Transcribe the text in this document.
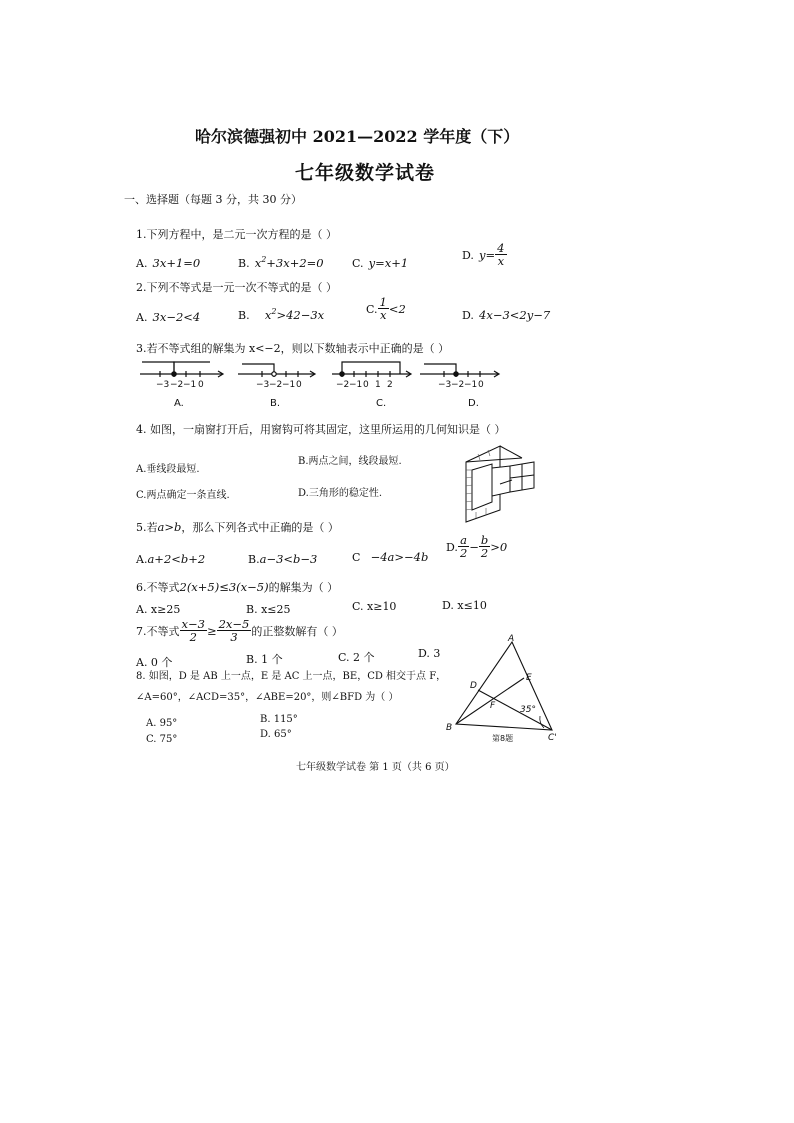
哈尔滨德强初中 2021—2022 学年度（下）
七年级数学试卷
一、选择题（每题 3 分，共 30 分）
1.下列方程中，是二元一次方程的是（ ）
A. 3x+1=0	B. $x^2+3x+2=0$	C. y=x+1
D. $y= \frac{4}{x}$
2.下列不等式是一元一次不等式的是（ ）
A. 3x−2<4	B. $x^2>42-3x$	C. $\frac{1}{x} <2$	D. 4x−3<2y−7
3.若不等式组的解集为 x<−2，则以下数轴表示中正确的是（ ）
−3 −2 −1 0	−3 −2 −1 0	−2 −1 0 1 2	−3 −2 −1 0
A.	B.	C.	D.
4. 如图，一扇窗打开后，用窗钩可将其固定，这里所运用的几何知识是（ ）
A.垂线段最短.
B.两点之间，线段最短.
C.两点确定一条直线.	D.三角形的稳定性.
5.若a>b，那么下列各式中正确的是（ ）
A.a+2<b+2	B.a−3<b−3	C −4a>−4b
D. $\frac{a}{2} - \frac{b}{2} >0$
6.不等式2(x+5)≤3(x−5)的解集为（ ）
A. x≥25	B. x≤25	C. x≥10	D. x≤10
7.不等式 $\frac{x-3}{2} \ge \frac{2x-5}{3}$ 的正整数解有（ ）
A. 0 个	B. 1 个	C. 2 个	D. 3
8. 如图，D 是 AB 上一点，E 是 AC 上一点，BE，CD 相交于点 F，
∠A=60°，∠ACD=35°，∠ABE=20°，则∠BFD 为（ ）
A. 95°	B. 115°
C. 75°	D. 65°
A
B
C'
D
E
F	35°
第8题
七年级数学试卷 第 1 页（共 6 页）
